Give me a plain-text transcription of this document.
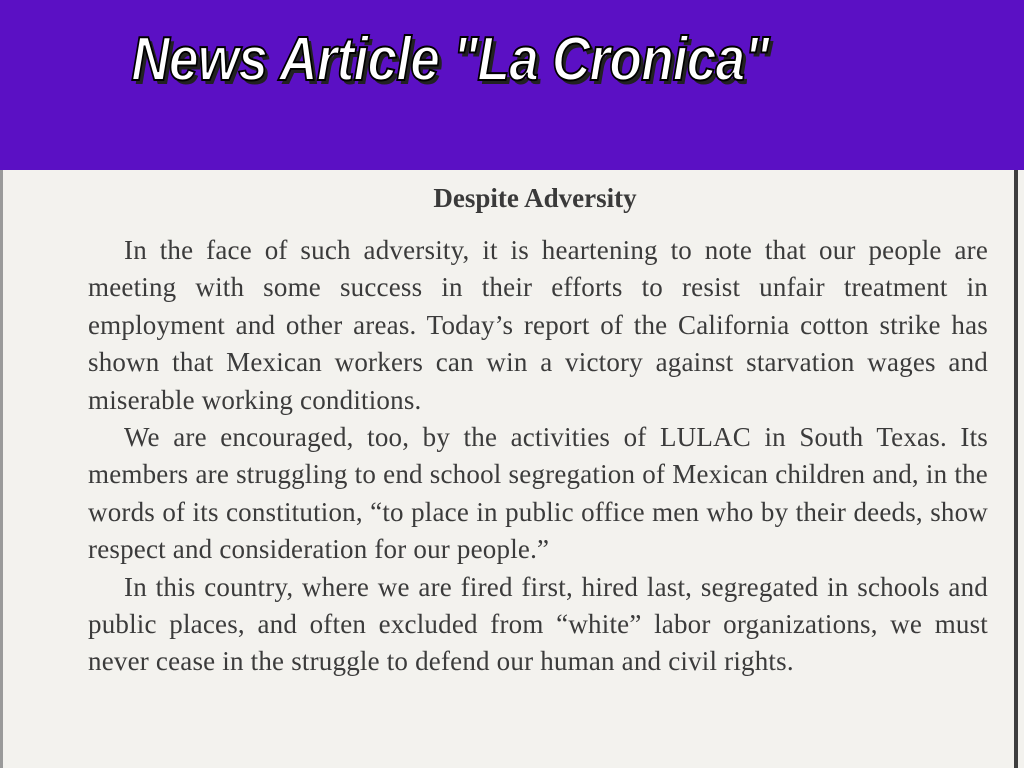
News Article "La Cronica"
Despite Adversity

In the face of such adversity, it is heartening to note that our people are meeting with some success in their efforts to resist unfair treatment in employment and other areas. Today’s report of the California cotton strike has shown that Mexican workers can win a victory against starvation wages and miserable working conditions.

We are encouraged, too, by the activities of LULAC in South Texas. Its members are struggling to end school segregation of Mexican children and, in the words of its constitution, “to place in public office men who by their deeds, show respect and consideration for our people.”

In this country, where we are fired first, hired last, segregated in schools and public places, and often excluded from “white” labor organizations, we must never cease in the struggle to defend our human and civil rights.
